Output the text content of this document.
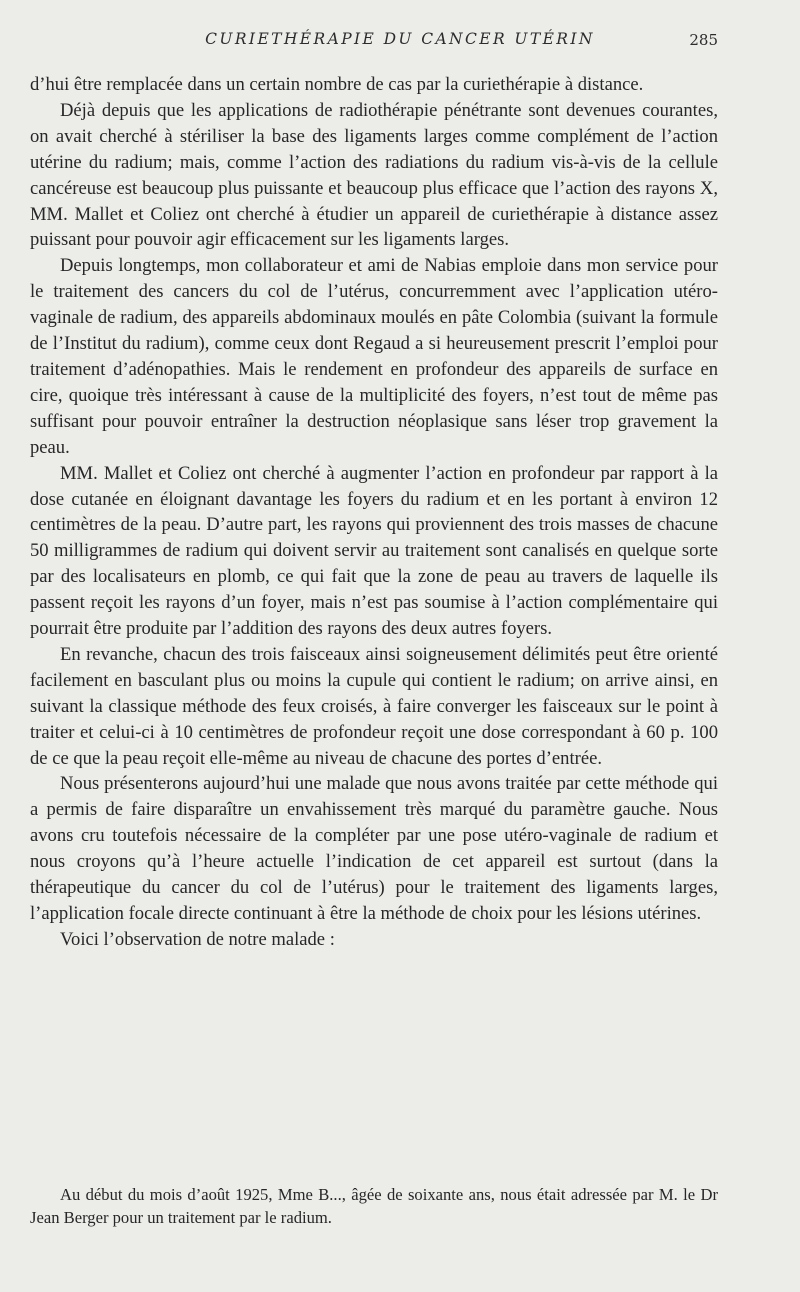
CURIETHÉRAPIE DU CANCER UTÉRIN	285

d’hui être remplacée dans un certain nombre de cas par la curiethérapie à distance.

Déjà depuis que les applications de radiothérapie pénétrante sont devenues courantes, on avait cherché à stériliser la base des ligaments larges comme complément de l’action utérine du radium; mais, comme l’action des radiations du radium vis-à-vis de la cellule cancéreuse est beaucoup plus puissante et beaucoup plus efficace que l’action des rayons X, MM. Mallet et Coliez ont cherché à étudier un appareil de curiethérapie à distance assez puissant pour pouvoir agir efficacement sur les ligaments larges.

Depuis longtemps, mon collaborateur et ami de Nabias emploie dans mon service pour le traitement des cancers du col de l’utérus, concurremment avec l’application utéro-vaginale de radium, des appareils abdominaux moulés en pâte Colombia (suivant la formule de l’Institut du radium), comme ceux dont Regaud a si heureusement prescrit l’emploi pour traitement d’adénopathies. Mais le rendement en profondeur des appareils de surface en cire, quoique très intéressant à cause de la multiplicité des foyers, n’est tout de même pas suffisant pour pouvoir entraîner la destruction néoplasique sans léser trop gravement la peau.

MM. Mallet et Coliez ont cherché à augmenter l’action en profondeur par rapport à la dose cutanée en éloignant davantage les foyers du radium et en les portant à environ 12 centimètres de la peau. D’autre part, les rayons qui proviennent des trois masses de chacune 50 milligrammes de radium qui doivent servir au traitement sont canalisés en quelque sorte par des localisateurs en plomb, ce qui fait que la zone de peau au travers de laquelle ils passent reçoit les rayons d’un foyer, mais n’est pas soumise à l’action complémentaire qui pourrait être produite par l’addition des rayons des deux autres foyers.

En revanche, chacun des trois faisceaux ainsi soigneusement délimités peut être orienté facilement en basculant plus ou moins la cupule qui contient le radium; on arrive ainsi, en suivant la classique méthode des feux croisés, à faire converger les faisceaux sur le point à traiter et celui-ci à 10 centimètres de profondeur reçoit une dose correspondant à 60 p. 100 de ce que la peau reçoit elle-même au niveau de chacune des portes d’entrée.

Nous présenterons aujourd’hui une malade que nous avons traitée par cette méthode qui a permis de faire disparaître un envahissement très marqué du paramètre gauche. Nous avons cru toutefois nécessaire de la compléter par une pose utéro-vaginale de radium et nous croyons qu’à l’heure actuelle l’indication de cet appareil est surtout (dans la thérapeutique du cancer du col de l’utérus) pour le traitement des ligaments larges, l’application focale directe continuant à être la méthode de choix pour les lésions utérines.

Voici l’observation de notre malade :

Au début du mois d’août 1925, Mme B..., âgée de soixante ans, nous était adressée par M. le Dr Jean Berger pour un traitement par le radium.
